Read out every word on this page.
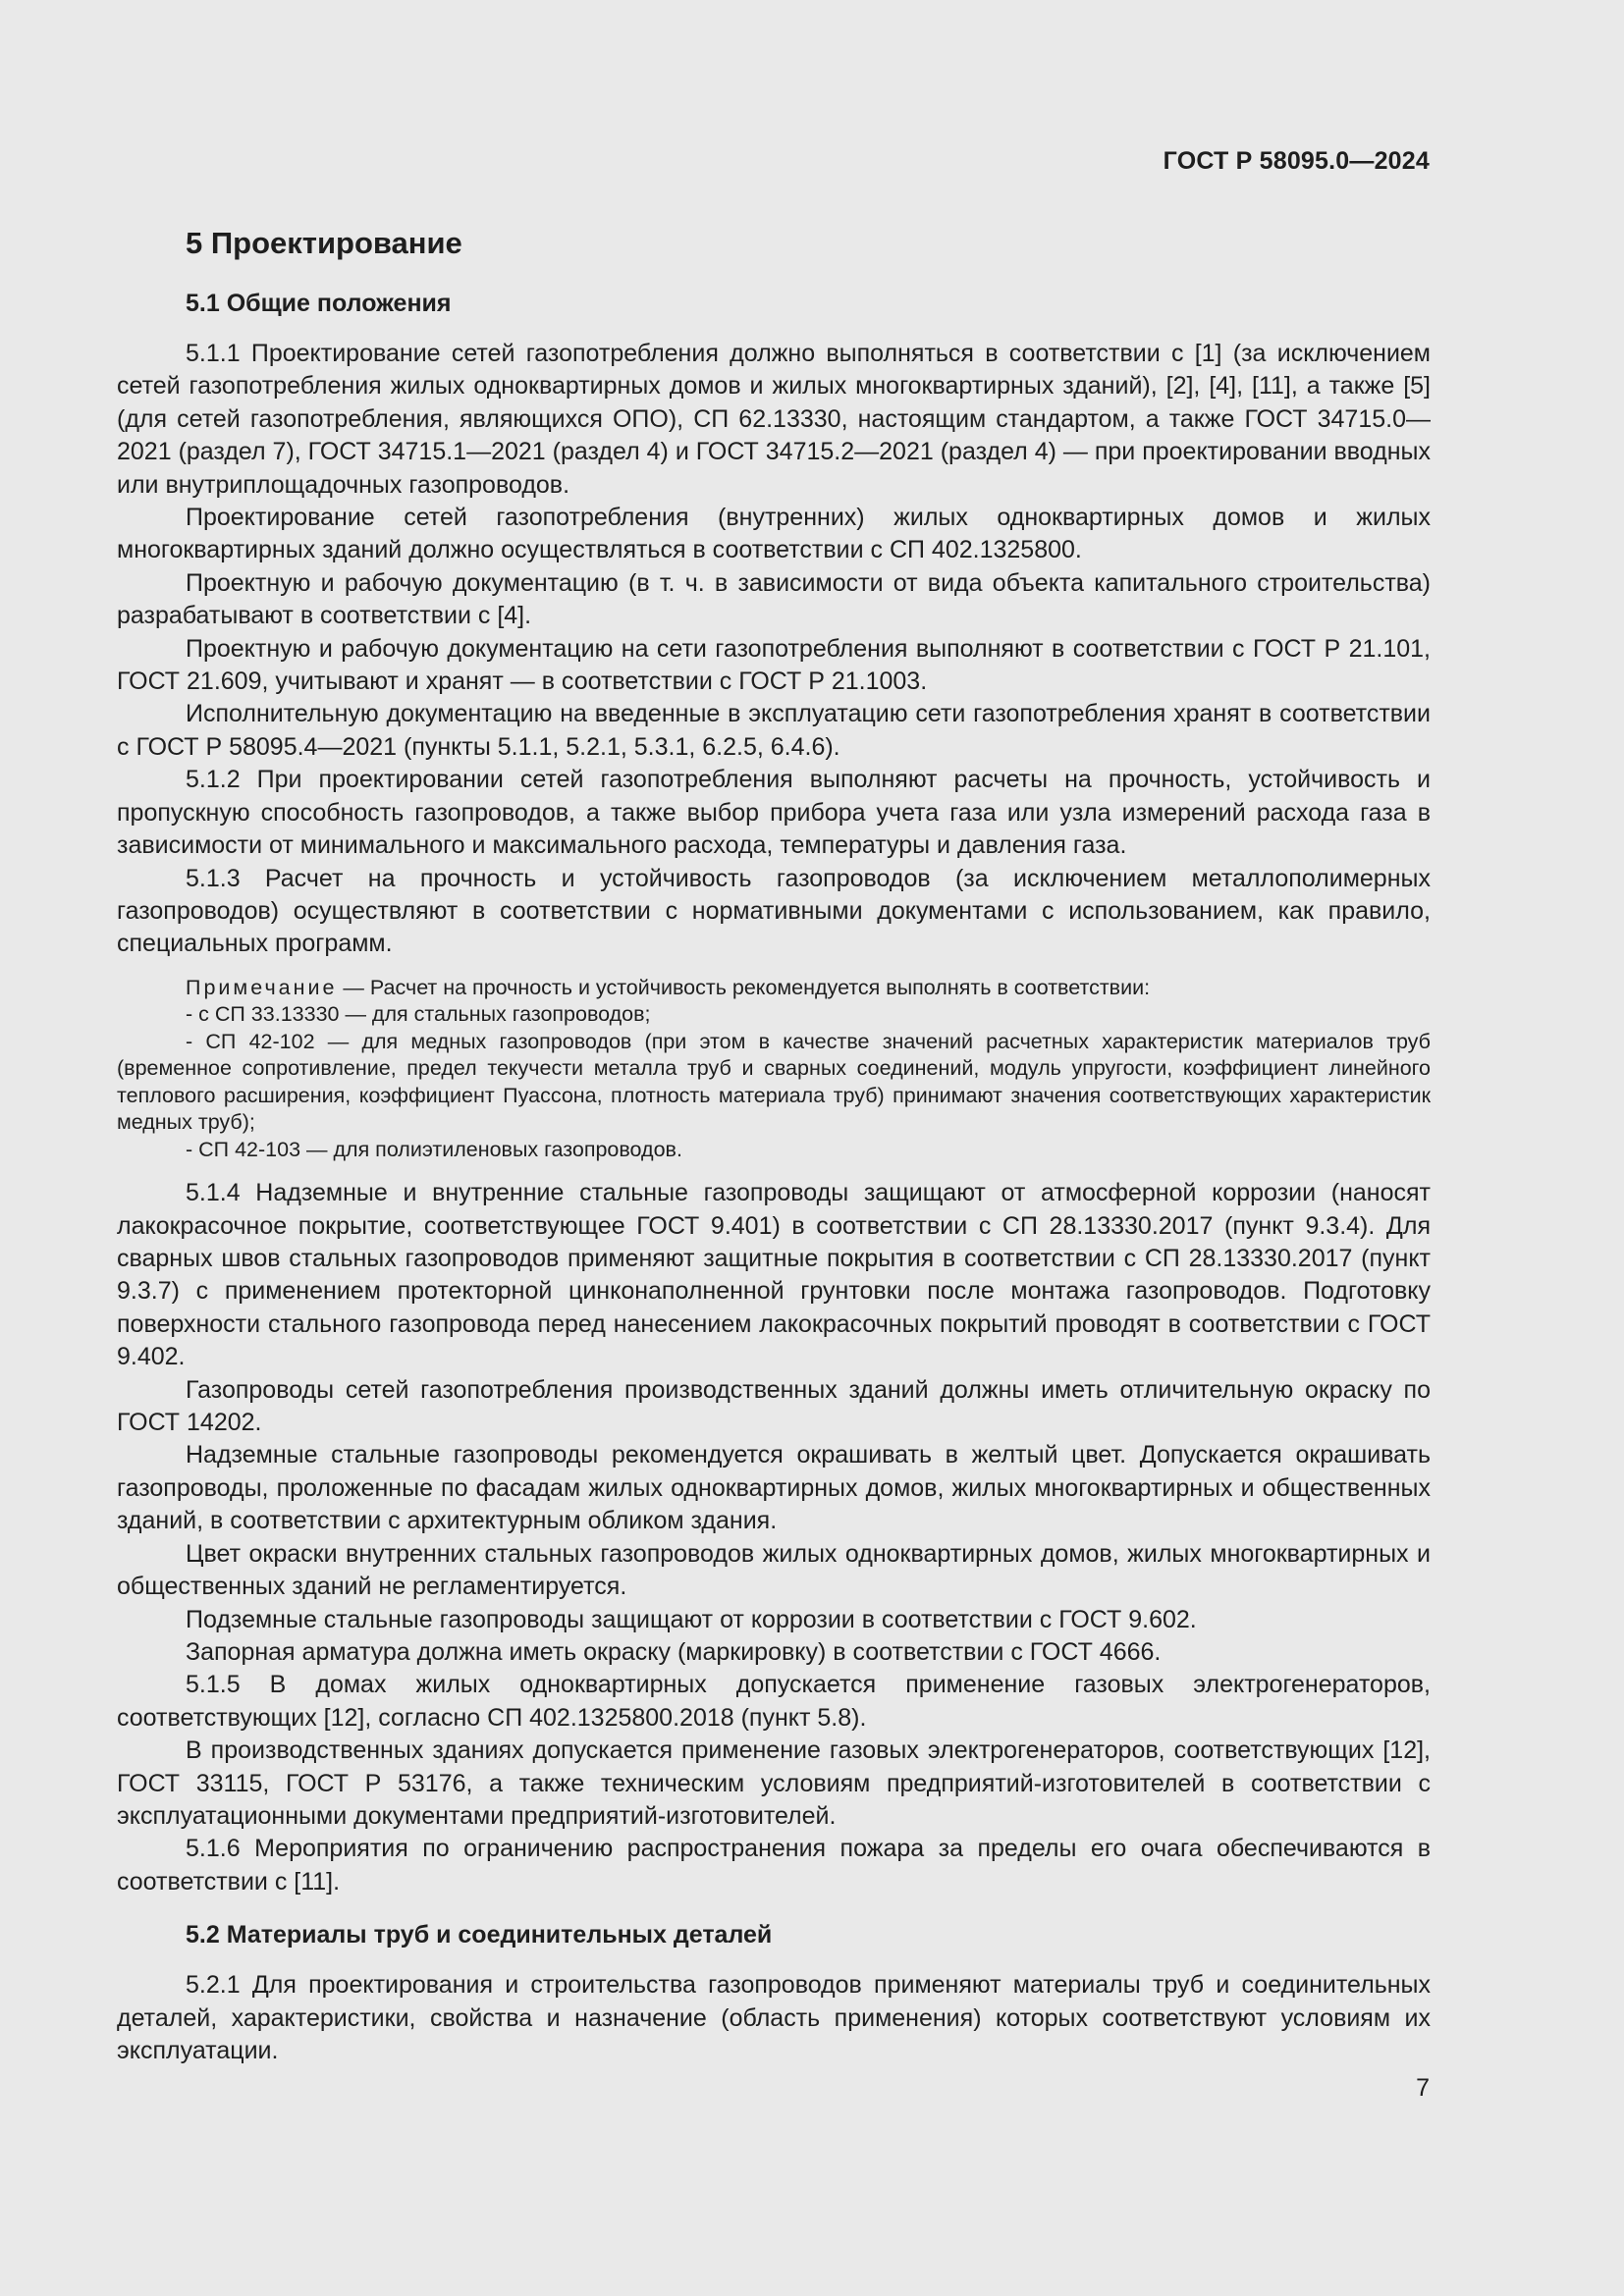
ГОСТ Р 58095.0—2024
5 Проектирование
5.1 Общие положения

5.1.1 Проектирование сетей газопотребления должно выполняться в соответствии с [1] (за исключением сетей газопотребления жилых одноквартирных домов и жилых многоквартирных зданий), [2], [4], [11], а также [5] (для сетей газопотребления, являющихся ОПО), СП 62.13330, настоящим стандартом, а также ГОСТ 34715.0—2021 (раздел 7), ГОСТ 34715.1—2021 (раздел 4) и ГОСТ 34715.2—2021 (раздел 4) — при проектировании вводных или внутриплощадочных газопроводов.

Проектирование сетей газопотребления (внутренних) жилых одноквартирных домов и жилых многоквартирных зданий должно осуществляться в соответствии с СП 402.1325800.

Проектную и рабочую документацию (в т. ч. в зависимости от вида объекта капитального строительства) разрабатывают в соответствии с [4].

Проектную и рабочую документацию на сети газопотребления выполняют в соответствии с ГОСТ Р 21.101, ГОСТ 21.609, учитывают и хранят — в соответствии с ГОСТ Р 21.1003.

Исполнительную документацию на введенные в эксплуатацию сети газопотребления хранят в соответствии с ГОСТ Р 58095.4—2021 (пункты 5.1.1, 5.2.1, 5.3.1, 6.2.5, 6.4.6).

5.1.2 При проектировании сетей газопотребления выполняют расчеты на прочность, устойчивость и пропускную способность газопроводов, а также выбор прибора учета газа или узла измерений расхода газа в зависимости от минимального и максимального расхода, температуры и давления газа.

5.1.3 Расчет на прочность и устойчивость газопроводов (за исключением металлополимерных газопроводов) осуществляют в соответствии с нормативными документами с использованием, как правило, специальных программ.

Примечание — Расчет на прочность и устойчивость рекомендуется выполнять в соответствии:

- с СП 33.13330 — для стальных газопроводов;

- СП 42-102 — для медных газопроводов (при этом в качестве значений расчетных характеристик материалов труб (временное сопротивление, предел текучести металла труб и сварных соединений, модуль упругости, коэффициент линейного теплового расширения, коэффициент Пуассона, плотность материала труб) принимают значения соответствующих характеристик медных труб);

- СП 42-103 — для полиэтиленовых газопроводов.

5.1.4 Надземные и внутренние стальные газопроводы защищают от атмосферной коррозии (наносят лакокрасочное покрытие, соответствующее ГОСТ 9.401) в соответствии с СП 28.13330.2017 (пункт 9.3.4). Для сварных швов стальных газопроводов применяют защитные покрытия в соответствии с СП 28.13330.2017 (пункт 9.3.7) с применением протекторной цинконаполненной грунтовки после монтажа газопроводов. Подготовку поверхности стального газопровода перед нанесением лакокрасочных покрытий проводят в соответствии с ГОСТ 9.402.

Газопроводы сетей газопотребления производственных зданий должны иметь отличительную окраску по ГОСТ 14202.

Надземные стальные газопроводы рекомендуется окрашивать в желтый цвет. Допускается окрашивать газопроводы, проложенные по фасадам жилых одноквартирных домов, жилых многоквартирных и общественных зданий, в соответствии с архитектурным обликом здания.

Цвет окраски внутренних стальных газопроводов жилых одноквартирных домов, жилых многоквартирных и общественных зданий не регламентируется.

Подземные стальные газопроводы защищают от коррозии в соответствии с ГОСТ 9.602.

Запорная арматура должна иметь окраску (маркировку) в соответствии с ГОСТ 4666.

5.1.5 В домах жилых одноквартирных допускается применение газовых электрогенераторов, соответствующих [12], согласно СП 402.1325800.2018 (пункт 5.8).

В производственных зданиях допускается применение газовых электрогенераторов, соответствующих [12], ГОСТ 33115, ГОСТ Р 53176, а также техническим условиям предприятий-изготовителей в соответствии с эксплуатационными документами предприятий-изготовителей.

5.1.6 Мероприятия по ограничению распространения пожара за пределы его очага обеспечиваются в соответствии с [11].

5.2 Материалы труб и соединительных деталей

5.2.1 Для проектирования и строительства газопроводов применяют материалы труб и соединительных деталей, характеристики, свойства и назначение (область применения) которых соответствуют условиям их эксплуатации.

7
